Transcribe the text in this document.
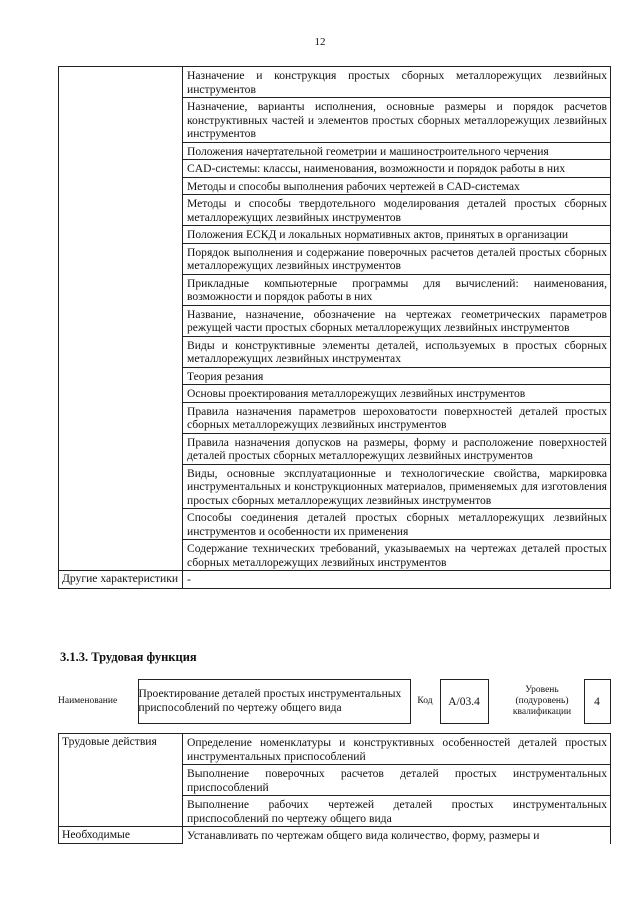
12
	Назначение и конструкция простых сборных металлорежущих лезвийных инструментов
	Назначение, варианты исполнения, основные размеры и порядок расчетов конструктивных частей и элементов простых сборных металлорежущих лезвийных инструментов
	Положения начертательной геометрии и машиностроительного черчения
	CAD-системы: классы, наименования, возможности и порядок работы в них
	Методы и способы выполнения рабочих чертежей в CAD-системах
	Методы и способы твердотельного моделирования деталей простых сборных металлорежущих лезвийных инструментов
	Положения ЕСКД и локальных нормативных актов, принятых в организации
	Порядок выполнения и содержание поверочных расчетов деталей простых сборных металлорежущих лезвийных инструментов
	Прикладные компьютерные программы для вычислений: наименования, возможности и порядок работы в них
	Название, назначение, обозначение на чертежах геометрических параметров режущей части простых сборных металлорежущих лезвийных инструментов
	Виды и конструктивные элементы деталей, используемых в простых сборных металлорежущих лезвийных инструментах
	Теория резания
	Основы проектирования металлорежущих лезвийных инструментов
	Правила назначения параметров шероховатости поверхностей деталей простых сборных металлорежущих лезвийных инструментов
	Правила назначения допусков на размеры, форму и расположение поверхностей деталей простых сборных металлорежущих лезвийных инструментов
	Виды, основные эксплуатационные и технологические свойства, маркировка инструментальных и конструкционных материалов, применяемых для изготовления простых сборных металлорежущих лезвийных инструментов
	Способы соединения деталей простых сборных металлорежущих лезвийных инструментов и особенности их применения
	Содержание технических требований, указываемых на чертежах деталей простых сборных металлорежущих лезвийных инструментов
Другие характеристики	-
3.1.3. Трудовая функция
Наименование	Проектирование деталей простых инструментальных приспособлений по чертежу общего вида	Код	A/03.4		Уровень (подуровень) квалификации		4
Трудовые действия	Определение номенклатуры и конструктивных особенностей деталей простых инструментальных приспособлений
	Выполнение поверочных расчетов деталей простых инструментальных приспособлений
	Выполнение рабочих чертежей деталей простых инструментальных приспособлений по чертежу общего вида
Необходимые	Устанавливать по чертежам общего вида количество, форму, размеры и
